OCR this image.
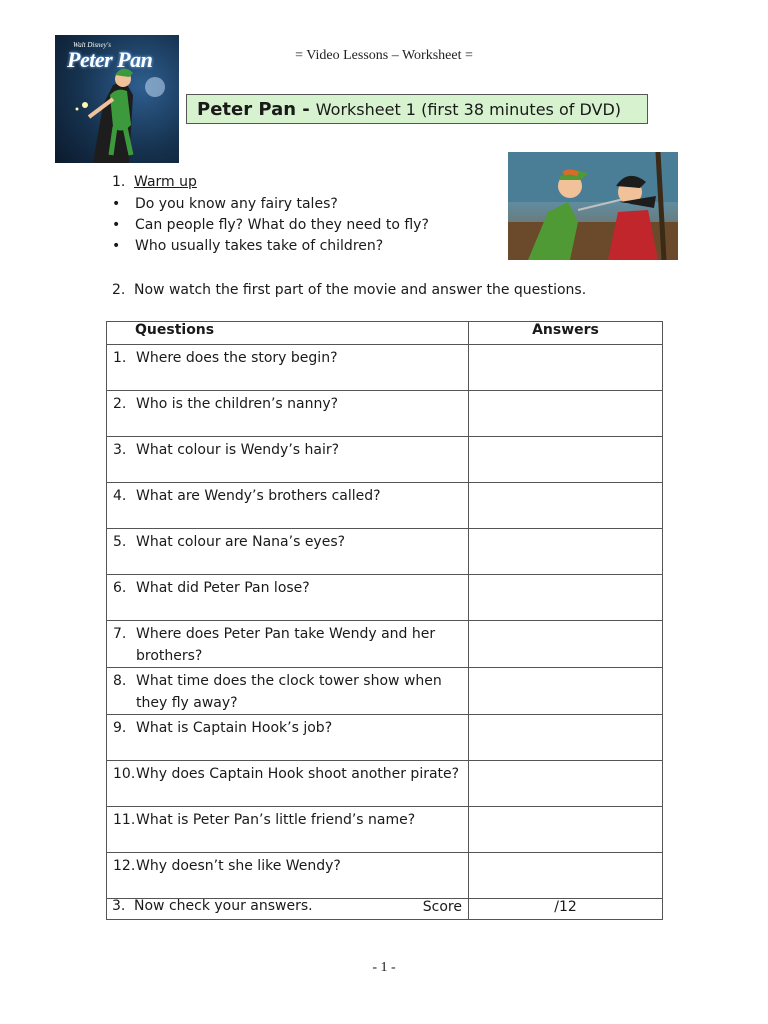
Walt Disney's
Peter Pan	= Video Lessons – Worksheet =
Peter Pan - Worksheet 1 (first 38 minutes of DVD)
1. Warm up
• Do you know any fairy tales?
• Can people fly? What do they need to fly?
• Who usually takes take of children?
2. Now watch the first part of the movie and answer the questions.
Questions	Answers

1. Where does the story begin?	

2. Who is the children’s nanny?	

3. What colour is Wendy’s hair?	

4. What are Wendy’s brothers called?	

5. What colour are Nana’s eyes?	

6. What did Peter Pan lose?	

7. Where does Peter Pan take Wendy and her brothers?	

8. What time does the clock tower show when they fly away?	

9. What is Captain Hook’s job?	

10. Why does Captain Hook shoot another pirate?	

11. What is Peter Pan’s little friend’s name?	

12. Why doesn’t she like Wendy?	

Score	/12
3. Now check your answers.
- 1 -
